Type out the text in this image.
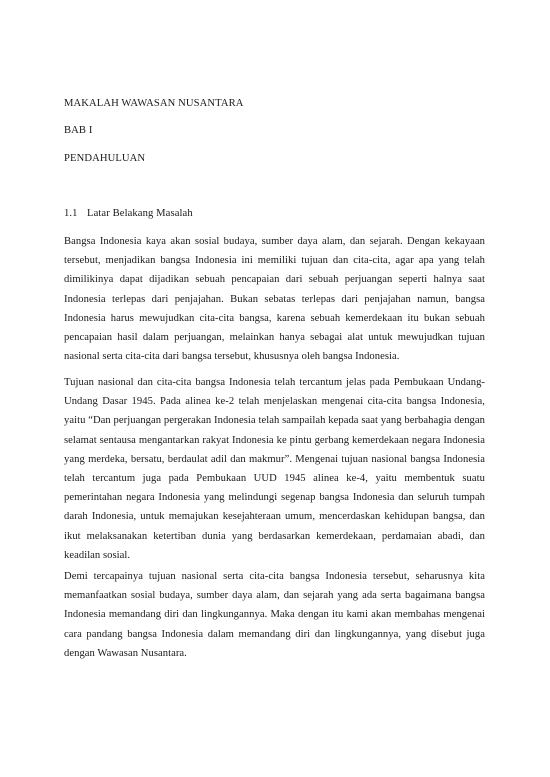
MAKALAH WAWASAN NUSANTARA
BAB I
PENDAHULUAN
1.1 Latar Belakang Masalah

Bangsa Indonesia kaya akan sosial budaya, sumber daya alam, dan sejarah. Dengan kekayaan tersebut, menjadikan bangsa Indonesia ini memiliki tujuan dan cita-cita, agar apa yang telah dimilikinya dapat dijadikan sebuah pencapaian dari sebuah perjuangan seperti halnya saat Indonesia terlepas dari penjajahan. Bukan sebatas terlepas dari penjajahan namun, bangsa Indonesia harus mewujudkan cita-cita bangsa, karena sebuah kemerdekaan itu bukan sebuah pencapaian hasil dalam perjuangan, melainkan hanya sebagai alat untuk mewujudkan tujuan nasional serta cita-cita dari bangsa tersebut, khususnya oleh bangsa Indonesia.

Tujuan nasional dan cita-cita bangsa Indonesia telah tercantum jelas pada Pembukaan Undang-Undang Dasar 1945. Pada alinea ke-2 telah menjelaskan mengenai cita-cita bangsa Indonesia, yaitu “Dan perjuangan pergerakan Indonesia telah sampailah kepada saat yang berbahagia dengan selamat sentausa mengantarkan rakyat Indonesia ke pintu gerbang kemerdekaan negara Indonesia yang merdeka, bersatu, berdaulat adil dan makmur”. Mengenai tujuan nasional bangsa Indonesia telah tercantum juga pada Pembukaan UUD 1945 alinea ke-4, yaitu membentuk suatu pemerintahan negara Indonesia yang melindungi segenap bangsa Indonesia dan seluruh tumpah darah Indonesia, untuk memajukan kesejahteraan umum, mencerdaskan kehidupan bangsa, dan ikut melaksanakan ketertiban dunia yang berdasarkan kemerdekaan, perdamaian abadi, dan keadilan sosial.

Demi tercapainya tujuan nasional serta cita-cita bangsa Indonesia tersebut, seharusnya kita memanfaatkan sosial budaya, sumber daya alam, dan sejarah yang ada serta bagaimana bangsa Indonesia memandang diri dan lingkungannya. Maka dengan itu kami akan membahas mengenai cara pandang bangsa Indonesia dalam memandang diri dan lingkungannya, yang disebut juga dengan Wawasan Nusantara.
